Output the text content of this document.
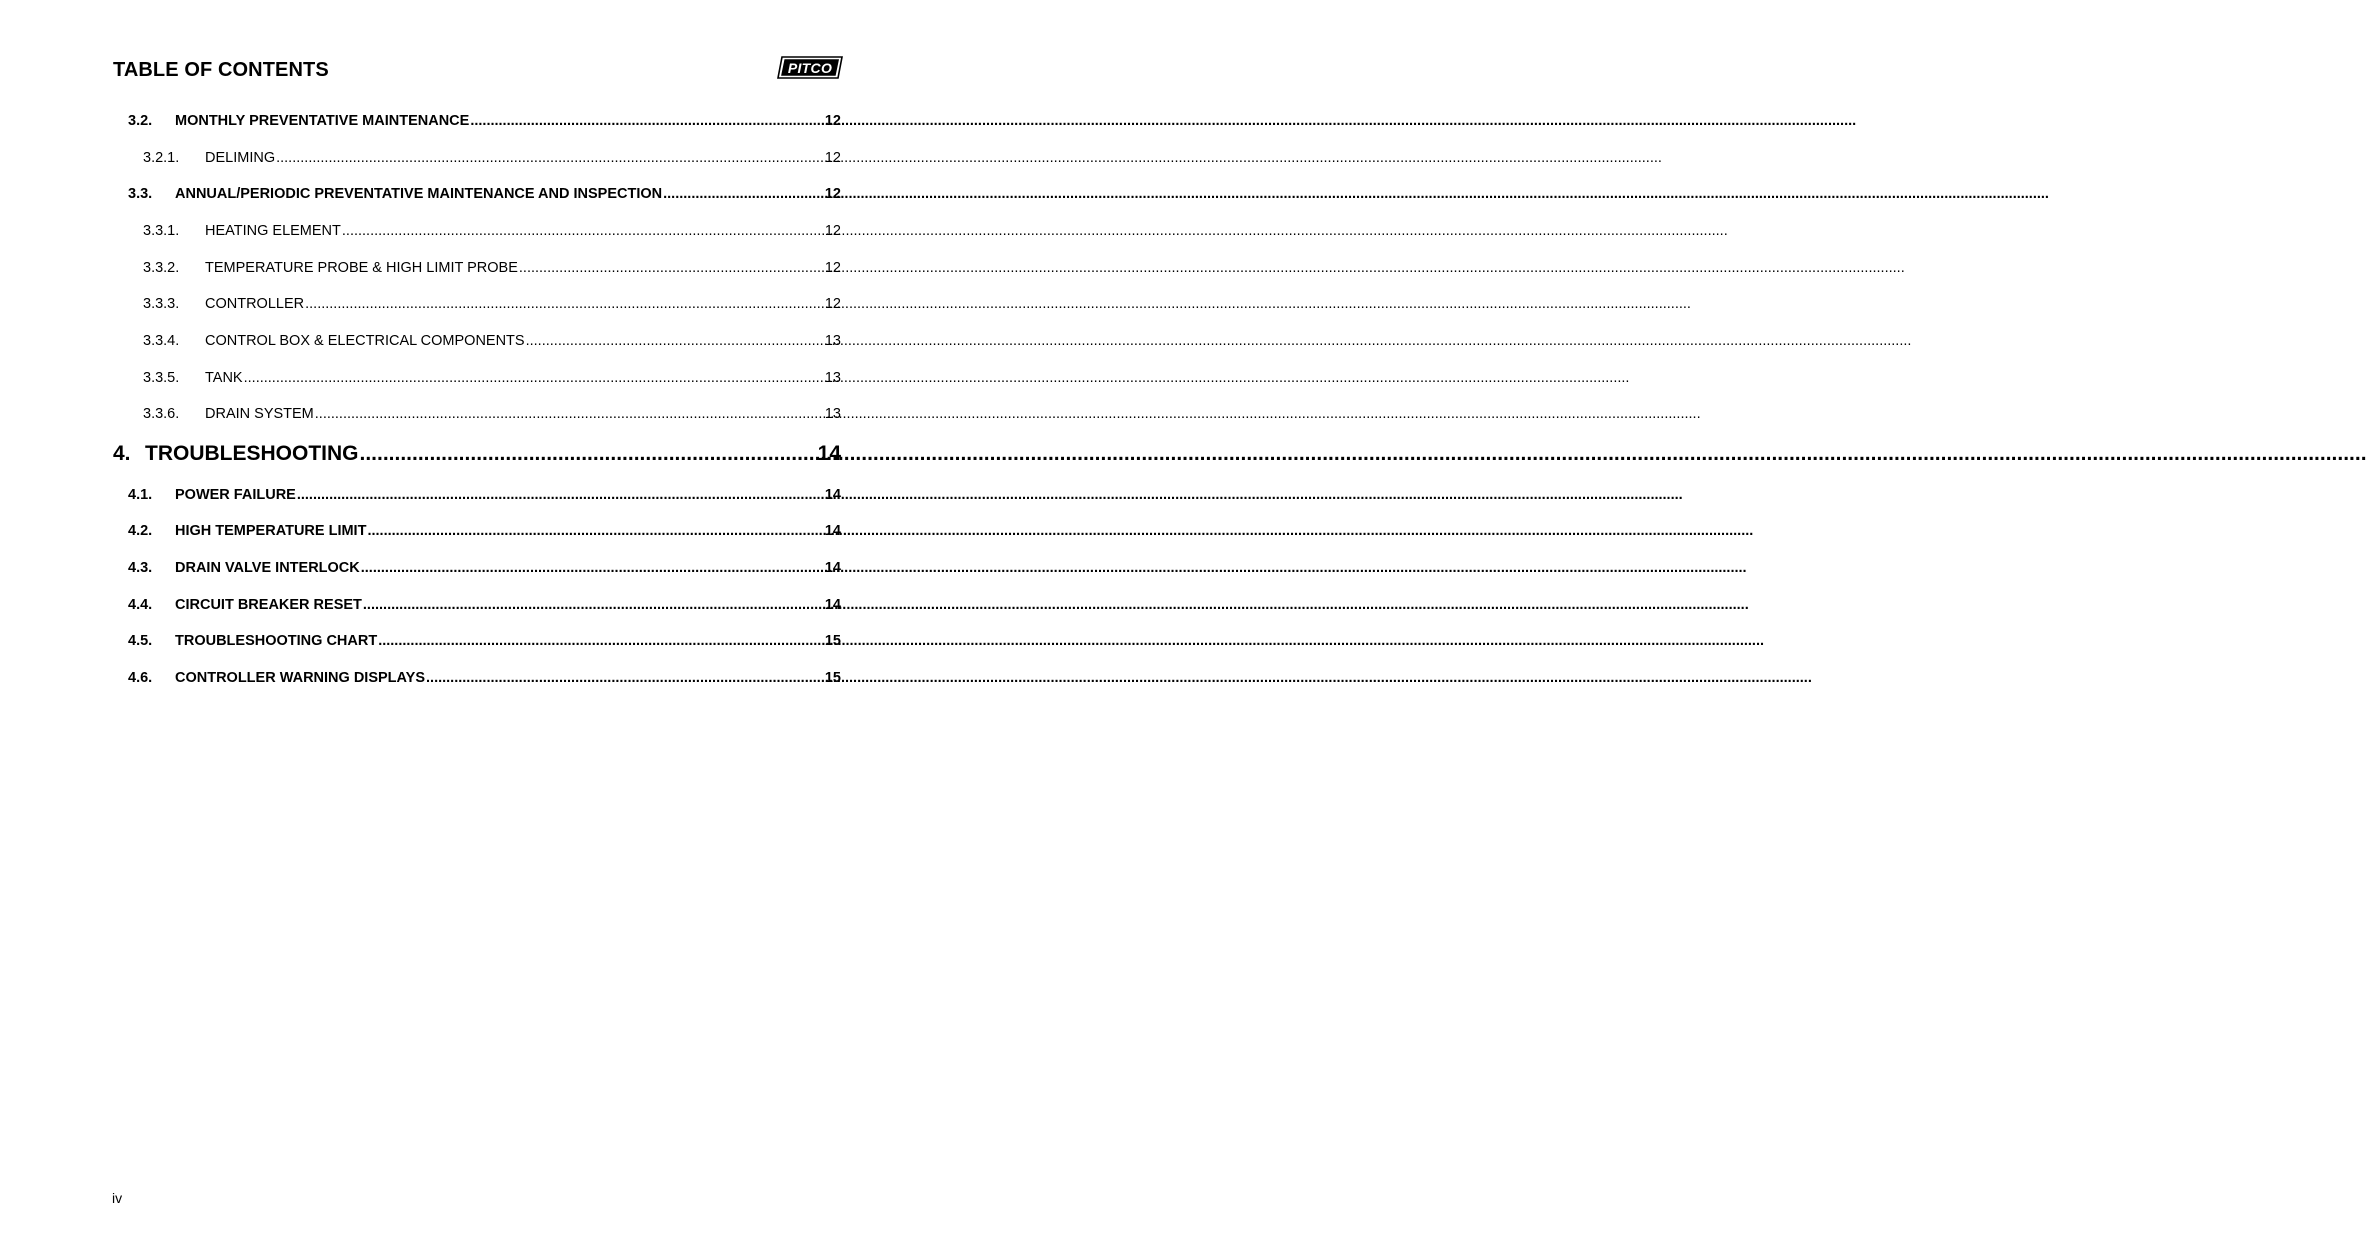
TABLE OF CONTENTS	PITCO
3.2.	MONTHLY PREVENTATIVE MAINTENANCE .....	12
3.2.1.	DELIMING .....	12
3.3.	ANNUAL/PERIODIC PREVENTATIVE MAINTENANCE AND INSPECTION .....	12
3.3.1.	HEATING ELEMENT .....	12
3.3.2.	TEMPERATURE PROBE & HIGH LIMIT PROBE .....	12
3.3.3.	CONTROLLER .....	12
3.3.4.	CONTROL BOX & ELECTRICAL COMPONENTS .....	13
3.3.5.	TANK .....	13
3.3.6.	DRAIN SYSTEM .....	13
4. TROUBLESHOOTING .....	14
4.1.	POWER FAILURE .....	14
4.2.	HIGH TEMPERATURE LIMIT .....	14
4.3.	DRAIN VALVE INTERLOCK .....	14
4.4.	CIRCUIT BREAKER RESET .....	14
4.5.	TROUBLESHOOTING CHART .....	15
4.6.	CONTROLLER WARNING DISPLAYS .....	15
iv
